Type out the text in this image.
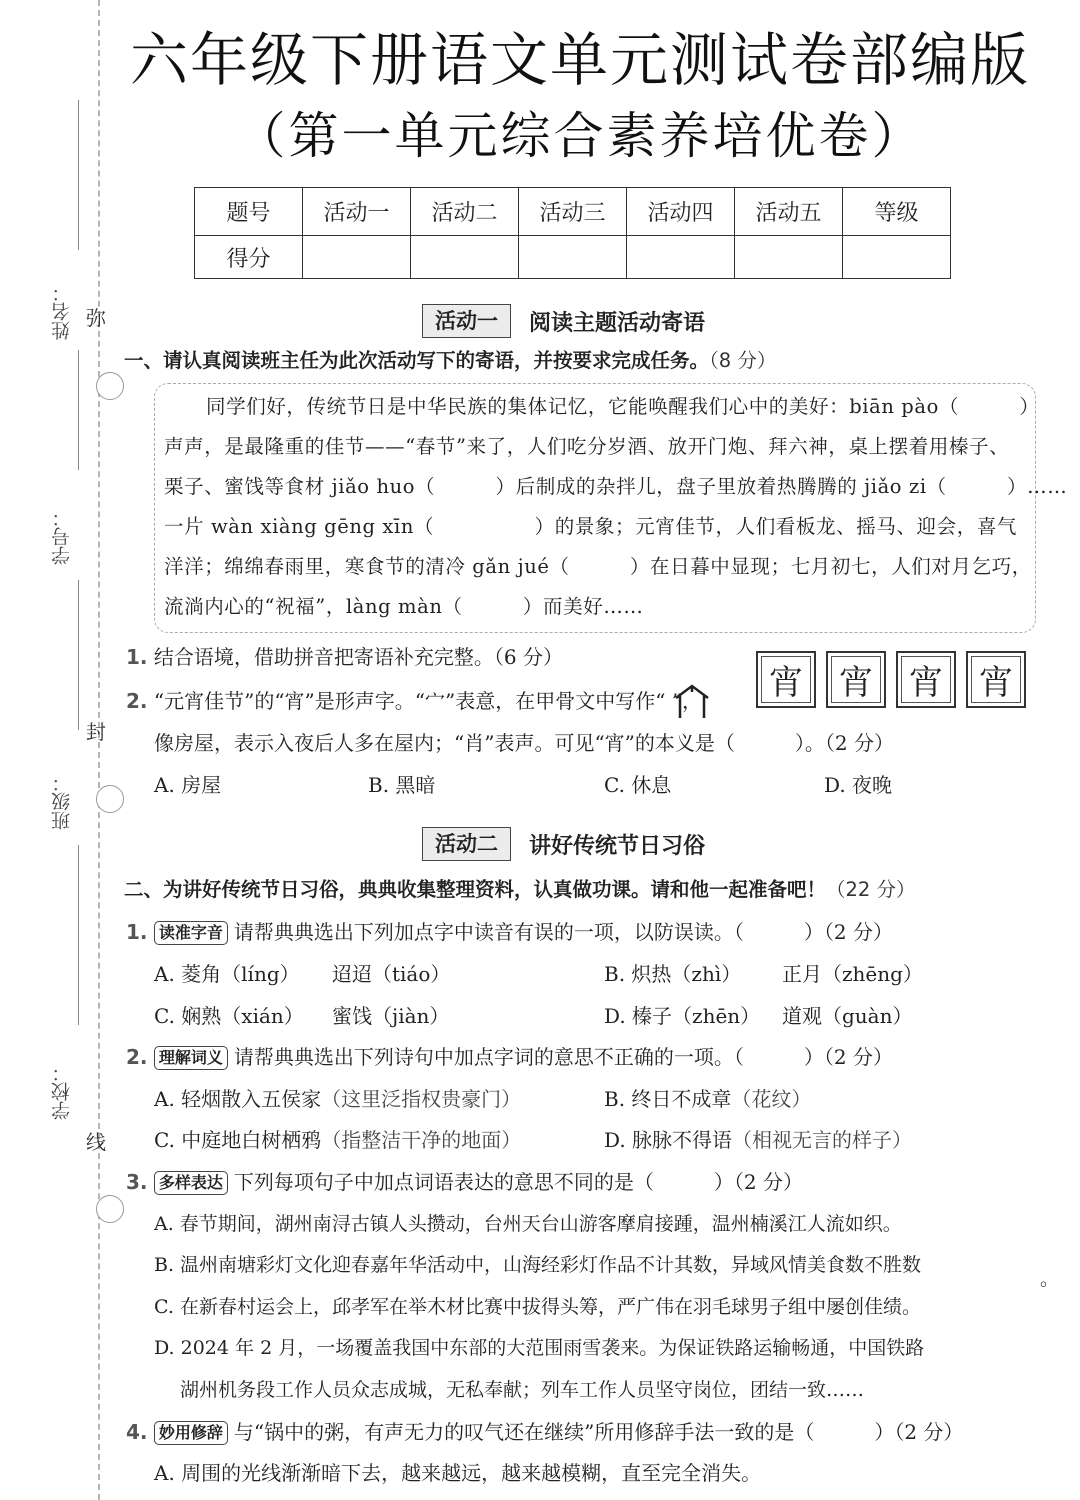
姓名：
学号：
班级：
学校：
弥
封
线
六年级下册语文单元测试卷部编版
（第一单元综合素养培优卷）
题号	活动一	活动二	活动三	活动四	活动五	等级
得分						
活动一	阅读主题活动寄语
一、请认真阅读班主任为此次活动写下的寄语，并按要求完成任务。（8 分）
同学们好，传统节日是中华民族的集体记忆，它能唤醒我们心中的美好：biān pào（　　　）
声声，是最隆重的佳节——“春节”来了，人们吃分岁酒、放开门炮、拜六神，桌上摆着用榛子、
栗子、蜜饯等食材 jiǎo huo（　　　）后制成的杂拌儿，盘子里放着热腾腾的 jiǎo zi（　　　）……
一片 wàn xiàng gēng xīn（　　　　　）的景象；元宵佳节，人们看板龙、摇马、迎会，喜气
洋洋；绵绵春雨里，寒食节的清冷 gǎn jué（　　　）在日暮中显现；七月初七，人们对月乞巧，
流淌内心的“祝福”，làng màn（　　　）而美好……
1. 结合语境，借助拼音把寄语补充完整。（6 分）
2. “元宵佳节”的“宵”是形声字。“宀”表意，在甲骨文中写作“ ”，
像房屋，表示入夜后人多在屋内；“肖”表声。可见“宵”的本义是（　　　）。（2 分）
宵 宵 宵 宵
A. 房屋	B. 黑暗	C. 休息	D. 夜晚
活动二	讲好传统节日习俗
二、为讲好传统节日习俗，典典收集整理资料，认真做功课。请和他一起准备吧！（22 分）
1. 读准字音 请帮典典选出下列加点字中读音有误的一项，以防误读。（　　　）（2 分）
A. 菱角（líng） 迢迢（tiáo）	B. 炽热（zhì） 正月（zhēng）
C. 娴熟（xián） 蜜饯（jiàn）	D. 榛子（zhēn） 道观（guàn）
2. 理解词义 请帮典典选出下列诗句中加点字词的意思不正确的一项。（　　　）（2 分）
A. 轻烟散入五侯家（这里泛指权贵豪门）	B. 终日不成章（花纹）
C. 中庭地白树栖鸦（指整洁干净的地面）	D. 脉脉不得语（相视无言的样子）
3. 多样表达 下列每项句子中加点词语表达的意思不同的是（　　　）（2 分）
A. 春节期间，湖州南浔古镇人头攒动，台州天台山游客摩肩接踵，温州楠溪江人流如织。
B. 温州南塘彩灯文化迎春嘉年华活动中，山海经彩灯作品不计其数，异域风情美食数不胜数
。
C. 在新春村运会上，邱孝军在举木材比赛中拔得头筹，严广伟在羽毛球男子组中屡创佳绩。
D. 2024 年 2 月，一场覆盖我国中东部的大范围雨雪袭来。为保证铁路运输畅通，中国铁路
湖州机务段工作人员众志成城，无私奉献；列车工作人员坚守岗位，团结一致……
4. 妙用修辞 与“锅中的粥，有声无力的叹气还在继续”所用修辞手法一致的是（　　　）（2 分）
A. 周围的光线渐渐暗下去，越来越远，越来越模糊，直至完全消失。
